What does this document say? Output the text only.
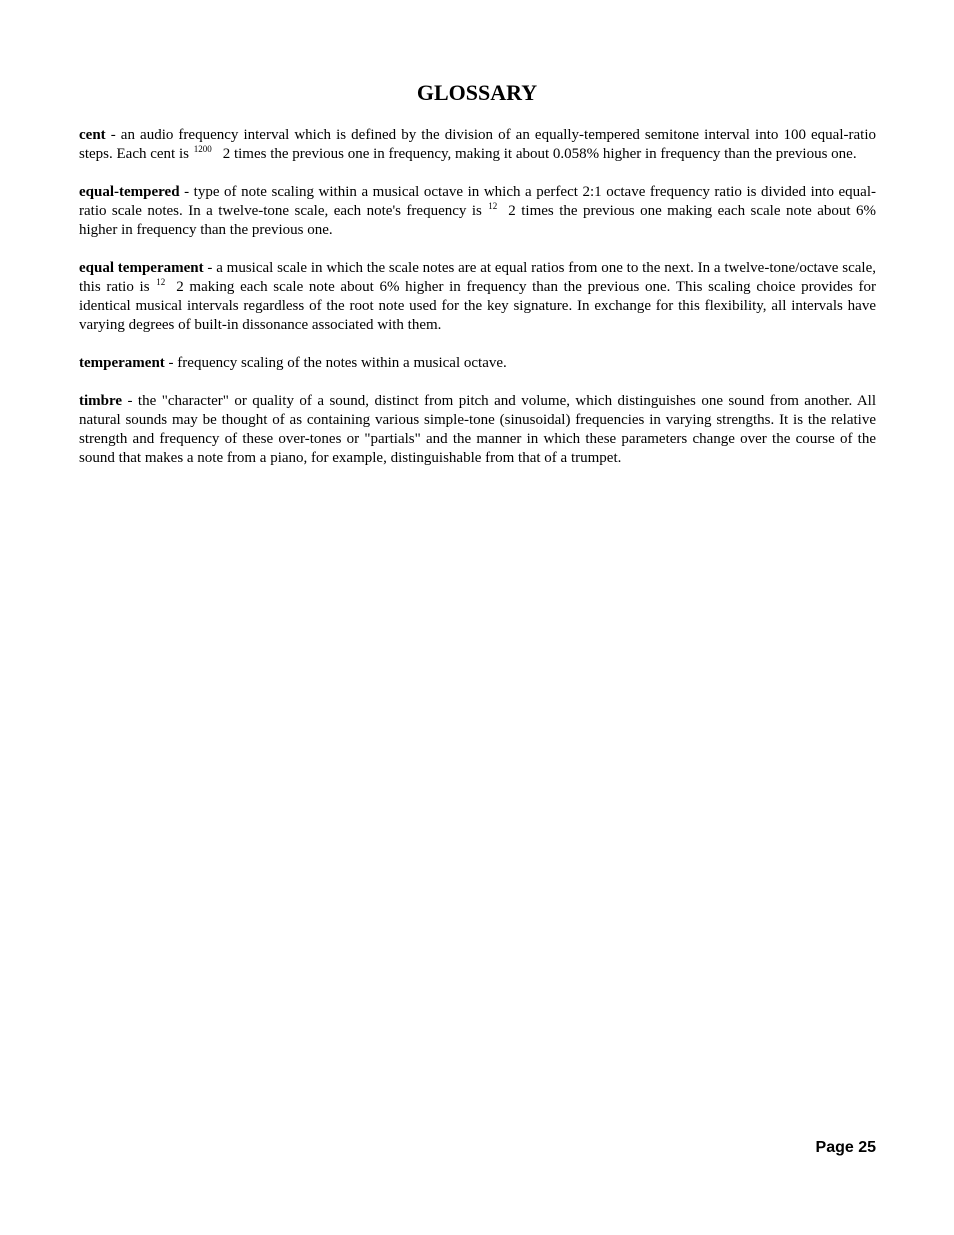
GLOSSARY

cent - an audio frequency interval which is defined by the division of an equally-tempered semitone interval into 100 equal-ratio steps. Each cent is $^{1200}$ 2 times the previous one in frequency, making it about 0.058% higher in frequency than the previous one.

equal-tempered - type of note scaling within a musical octave in which a perfect 2:1 octave frequency ratio is divided into equal-ratio scale notes. In a twelve-tone scale, each note's frequency is $^{12}$ 2 times the previous one making each scale note about 6% higher in frequency than the previous one.

equal temperament - a musical scale in which the scale notes are at equal ratios from one to the next. In a twelve-tone/octave scale, this ratio is $^{12}$ 2 making each scale note about 6% higher in frequency than the previous one. This scaling choice provides for identical musical intervals regardless of the root note used for the key signature. In exchange for this flexibility, all intervals have varying degrees of built-in dissonance associated with them.

temperament - frequency scaling of the notes within a musical octave.

timbre - the "character" or quality of a sound, distinct from pitch and volume, which distinguishes one sound from another. All natural sounds may be thought of as containing various simple-tone (sinusoidal) frequencies in varying strengths. It is the relative strength and frequency of these over-tones or "partials" and the manner in which these parameters change over the course of the sound that makes a note from a piano, for example, distinguishable from that of a trumpet.

Page 25
